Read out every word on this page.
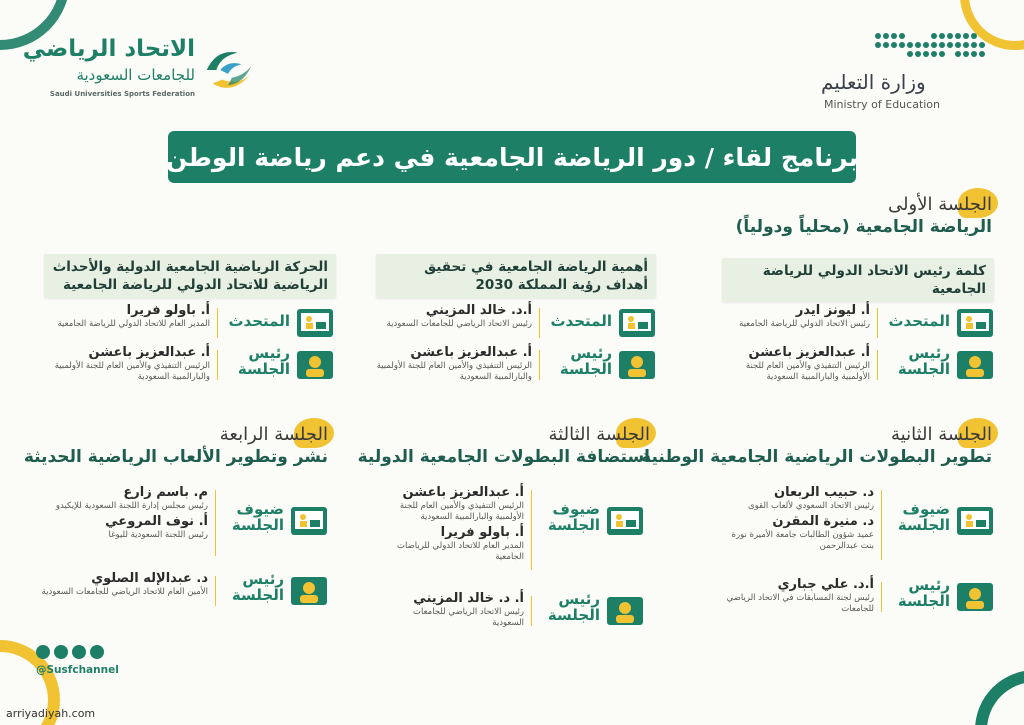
الاتحاد الرياضي
للجامعات السعودية
Saudi Universities Sports Federation	وزارة التعليم
Ministry of Education
برنامج لقاء / دور الرياضة الجامعية في دعم رياضة الوطن
الجلسة الأولى
الرياضة الجامعية (محلياً ودولياً)
كلمة رئيس الاتحاد الدولي للرياضة الجامعية
المتحدث
أ. ليونز ايدر
رئيس الاتحاد الدولي للرياضة الجامعية
رئيس
الجلسة
أ. عبدالعزيز باعشن
الرئيس التنفيذي والأمين العام للجنة الأولمبية والبارالمبية السعودية
أهمية الرياضة الجامعية في تحقيق أهداف رؤية المملكة 2030
المتحدث
أ.د. خالد المزيني
رئيس الاتحاد الرياضي للجامعات السعودية
رئيس
الجلسة
أ. عبدالعزيز باعشن
الرئيس التنفيذي والأمين العام للجنة الأولمبية والبارالمبية السعودية
الحركة الرياضية الجامعية الدولية والأحداث الرياضية للاتحاد الدولي للرياضة الجامعية
المتحدث
أ. باولو فريرا
المدير العام للاتحاد الدولي للرياضة الجامعية
رئيس
الجلسة
أ. عبدالعزيز باعشن
الرئيس التنفيذي والأمين العام للجنة الأولمبية والبارالمبية السعودية
الجلسة الثانية
تطوير البطولات الرياضية الجامعية الوطنية
ضيوف
الجلسة
د. حبيب الربعان
رئيس الاتحاد السعودي لألعاب القوى
د. منيرة المقرن
عميد شؤون الطالبات جامعة الأميرة نورة بنت عبدالرحمن
رئيس
الجلسة
أ.د. علي جباري
رئيس لجنة المسابقات في الاتحاد الرياضي للجامعات
الجلسة الثالثة
استضافة البطولات الجامعية الدولية
ضيوف
الجلسة
أ. عبدالعزيز باعشن
الرئيس التنفيذي والأمين العام للجنة الأولمبية والبارالمبية السعودية
أ. باولو فريرا
المدير العام للاتحاد الدولي للرياضات الجامعية
رئيس
الجلسة
أ. د. خالد المزيني
رئيس الاتحاد الرياضي للجامعات السعودية
الجلسة الرابعة
نشر وتطوير الألعاب الرياضية الحديثة
ضيوف
الجلسة
م. باسم زارع
رئيس مجلس إدارة اللجنة السعودية للإيكيدو
أ. نوف المروعي
رئيس اللجنة السعودية لليوغا
رئيس
الجلسة
د. عبدالإله الصلوي
الأمين العام للاتحاد الرياضي للجامعات السعودية
@Susfchannel
arriyadiyah.com
